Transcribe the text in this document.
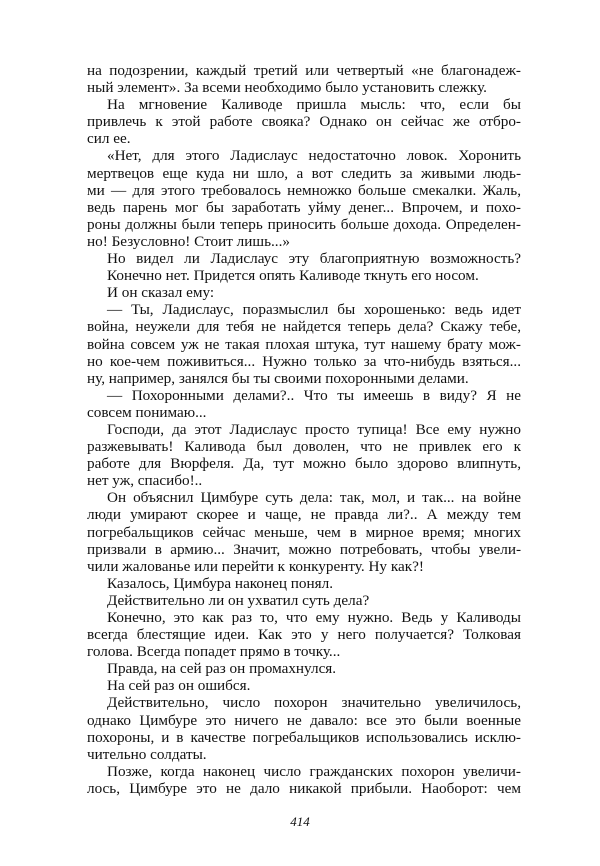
на подозрении, каждый третий или четвертый «не благонадеж-
ный элемент». За всеми необходимо было установить слежку.
На мгновение Каливоде пришла мысль: что, если бы
привлечь к этой работе свояка? Однако он сейчас же отбро-
сил ее.
«Нет, для этого Ладислаус недостаточно ловок. Хоронить
мертвецов еще куда ни шло, а вот следить за живыми людь-
ми — для этого требовалось немножко больше смекалки. Жаль,
ведь парень мог бы заработать уйму денег... Впрочем, и похо-
роны должны были теперь приносить больше дохода. Определен-
но! Безусловно! Стоит лишь...»
Но видел ли Ладислаус эту благоприятную возможность?
Конечно нет. Придется опять Каливоде ткнуть его носом.
И он сказал ему:
— Ты, Ладислаус, поразмыслил бы хорошенько: ведь идет
война, неужели для тебя не найдется теперь дела? Скажу тебе,
война совсем уж не такая плохая штука, тут нашему брату мож-
но кое-чем поживиться... Нужно только за что-нибудь взяться...
ну, например, занялся бы ты своими похоронными делами.
— Похоронными делами?.. Что ты имеешь в виду? Я не
совсем понимаю...
Господи, да этот Ладислаус просто тупица! Все ему нужно
разжевывать! Каливода был доволен, что не привлек его к
работе для Вюрфеля. Да, тут можно было здорово влипнуть,
нет уж, спасибо!..
Он объяснил Цимбуре суть дела: так, мол, и так... на войне
люди умирают скорее и чаще, не правда ли?.. А между тем
погребальщиков сейчас меньше, чем в мирное время; многих
призвали в армию... Значит, можно потребовать, чтобы увели-
чили жалованье или перейти к конкуренту. Ну как?!
Казалось, Цимбура наконец понял.
Действительно ли он ухватил суть дела?
Конечно, это как раз то, что ему нужно. Ведь у Каливоды
всегда блестящие идеи. Как это у него получается? Толковая
голова. Всегда попадет прямо в точку...
Правда, на сей раз он промахнулся.
На сей раз он ошибся.
Действительно, число похорон значительно увеличилось,
однако Цимбуре это ничего не давало: все это были военные
похороны, и в качестве погребальщиков использовались исклю-
чительно солдаты.
Позже, когда наконец число гражданских похорон увеличи-
лось, Цимбуре это не дало никакой прибыли. Наоборот: чем
414
